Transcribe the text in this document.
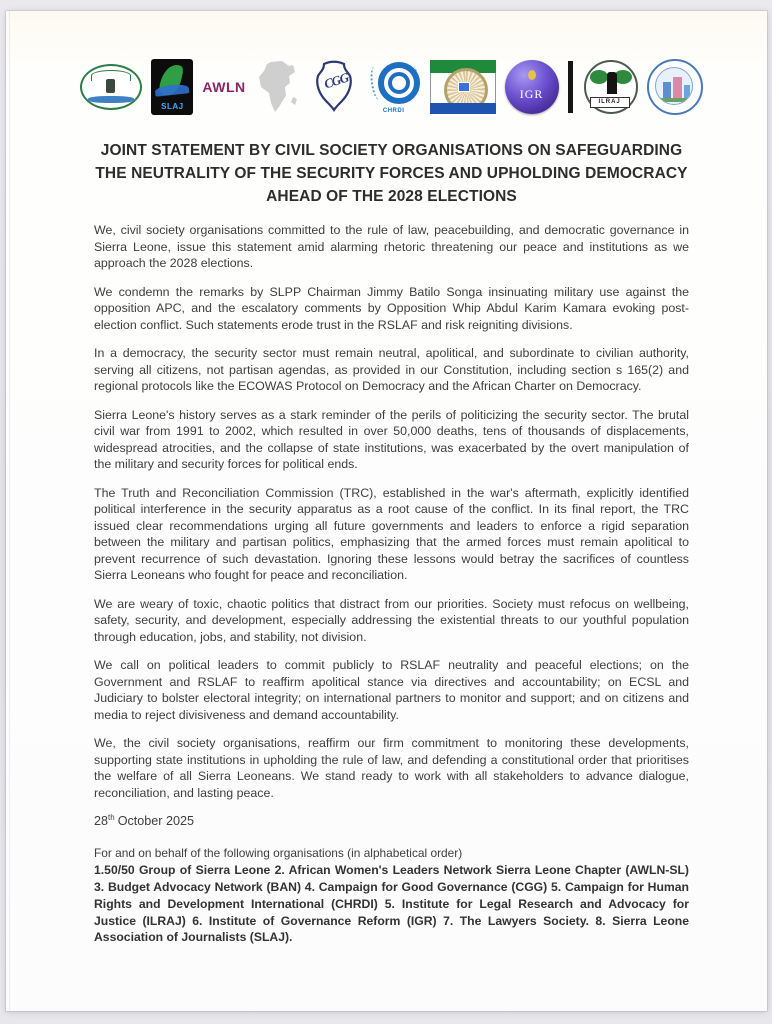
SLAJ
AWLN	CGG
CHRDI
IGR
ILRAJ
JOINT STATEMENT BY CIVIL SOCIETY ORGANISATIONS ON SAFEGUARDING THE NEUTRALITY OF THE SECURITY FORCES AND UPHOLDING DEMOCRACY AHEAD OF THE 2028 ELECTIONS

We, civil society organisations committed to the rule of law, peacebuilding, and democratic governance in Sierra Leone, issue this statement amid alarming rhetoric threatening our peace and institutions as we approach the 2028 elections.

We condemn the remarks by SLPP Chairman Jimmy Batilo Songa insinuating military use against the opposition APC, and the escalatory comments by Opposition Whip Abdul Karim Kamara evoking post-election conflict. Such statements erode trust in the RSLAF and risk reigniting divisions.

In a democracy, the security sector must remain neutral, apolitical, and subordinate to civilian authority, serving all citizens, not partisan agendas, as provided in our Constitution, including section s 165(2) and regional protocols like the ECOWAS Protocol on Democracy and the African Charter on Democracy.

Sierra Leone's history serves as a stark reminder of the perils of politicizing the security sector. The brutal civil war from 1991 to 2002, which resulted in over 50,000 deaths, tens of thousands of displacements, widespread atrocities, and the collapse of state institutions, was exacerbated by the overt manipulation of the military and security forces for political ends.

The Truth and Reconciliation Commission (TRC), established in the war's aftermath, explicitly identified political interference in the security apparatus as a root cause of the conflict. In its final report, the TRC issued clear recommendations urging all future governments and leaders to enforce a rigid separation between the military and partisan politics, emphasizing that the armed forces must remain apolitical to prevent recurrence of such devastation. Ignoring these lessons would betray the sacrifices of countless Sierra Leoneans who fought for peace and reconciliation.

We are weary of toxic, chaotic politics that distract from our priorities. Society must refocus on wellbeing, safety, security, and development, especially addressing the existential threats to our youthful population through education, jobs, and stability, not division.

We call on political leaders to commit publicly to RSLAF neutrality and peaceful elections; on the Government and RSLAF to reaffirm apolitical stance via directives and accountability; on ECSL and Judiciary to bolster electoral integrity; on international partners to monitor and support; and on citizens and media to reject divisiveness and demand accountability.

We, the civil society organisations, reaffirm our firm commitment to monitoring these developments, supporting state institutions in upholding the rule of law, and defending a constitutional order that prioritises the welfare of all Sierra Leoneans. We stand ready to work with all stakeholders to advance dialogue, reconciliation, and lasting peace.

28th October 2025

For and on behalf of the following organisations (in alphabetical order)

1.50/50 Group of Sierra Leone 2. African Women's Leaders Network Sierra Leone Chapter (AWLN-SL) 3. Budget Advocacy Network (BAN) 4. Campaign for Good Governance (CGG) 5. Campaign for Human Rights and Development International (CHRDI) 5. Institute for Legal Research and Advocacy for Justice (ILRAJ) 6. Institute of Governance Reform (IGR) 7. The Lawyers Society. 8. Sierra Leone Association of Journalists (SLAJ).
